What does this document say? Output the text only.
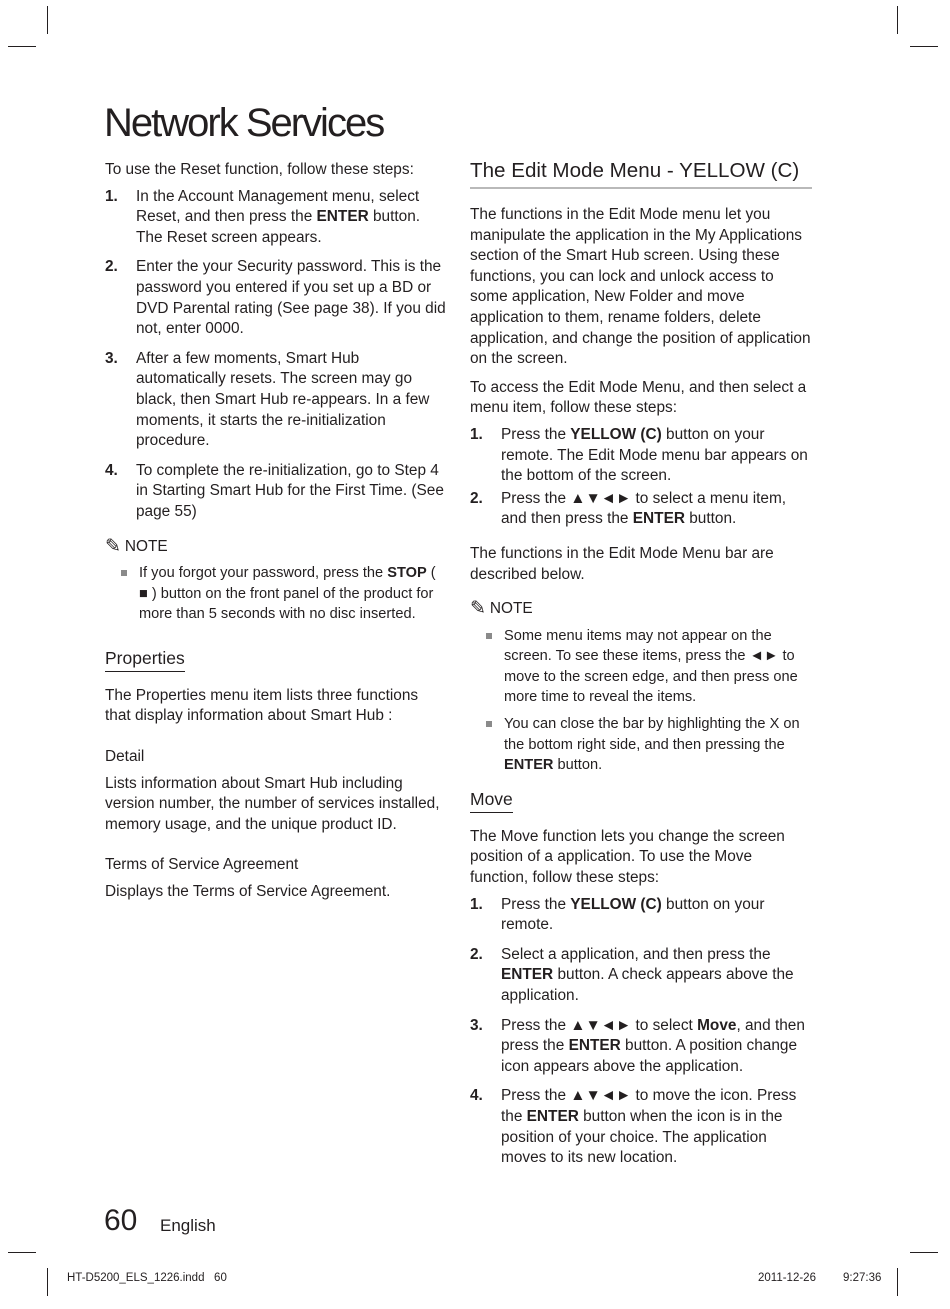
Network Services

To use the Reset function, follow these steps:

1. In the Account Management menu, select Reset, and then press the ENTER button. The Reset screen appears.
2. Enter the your Security password. This is the password you entered if you set up a BD or DVD Parental rating (See page 38). If you did not, enter 0000.
3. After a few moments, Smart Hub automatically resets. The screen may go black, then Smart Hub re-appears. In a few moments, it starts the re-initialization procedure.
4. To complete the re-initialization, go to Step 4 in Starting Smart Hub for the First Time. (See page 55)
✎ NOTE
If you forgot your password, press the STOP ( ■ ) button on the front panel of the product for more than 5 seconds with no disc inserted.
Properties

The Properties menu item lists three functions that display information about Smart Hub :

Detail

Lists information about Smart Hub including version number, the number of services installed, memory usage, and the unique product ID.

Terms of Service Agreement

Displays the Terms of Service Agreement.

The Edit Mode Menu - YELLOW (C)

The functions in the Edit Mode menu let you manipulate the application in the My Applications section of the Smart Hub screen. Using these functions, you can lock and unlock access to some application, New Folder and move application to them, rename folders, delete application, and change the position of application on the screen.

To access the Edit Mode Menu, and then select a menu item, follow these steps:

1. Press the YELLOW (C) button on your remote. The Edit Mode menu bar appears on the bottom of the screen.
2. Press the ▲▼◄► to select a menu item, and then press the ENTER button.

The functions in the Edit Mode Menu bar are described below.

✎ NOTE
Some menu items may not appear on the screen. To see these items, press the ◄► to move to the screen edge, and then press one more time to reveal the items.
You can close the bar by highlighting the X on the bottom right side, and then pressing the ENTER button.
Move

The Move function lets you change the screen position of a application. To use the Move function, follow these steps:

1. Press the YELLOW (C) button on your remote.
2. Select a application, and then press the ENTER button. A check appears above the application.
3. Press the ▲▼◄► to select Move, and then press the ENTER button. A position change icon appears above the application.
4. Press the ▲▼◄► to move the icon. Press the ENTER button when the icon is in the position of your choice. The application moves to its new location.
60 English
HT-D5200_ELS_1226.indd   60	2011-12-26 9:27:36
